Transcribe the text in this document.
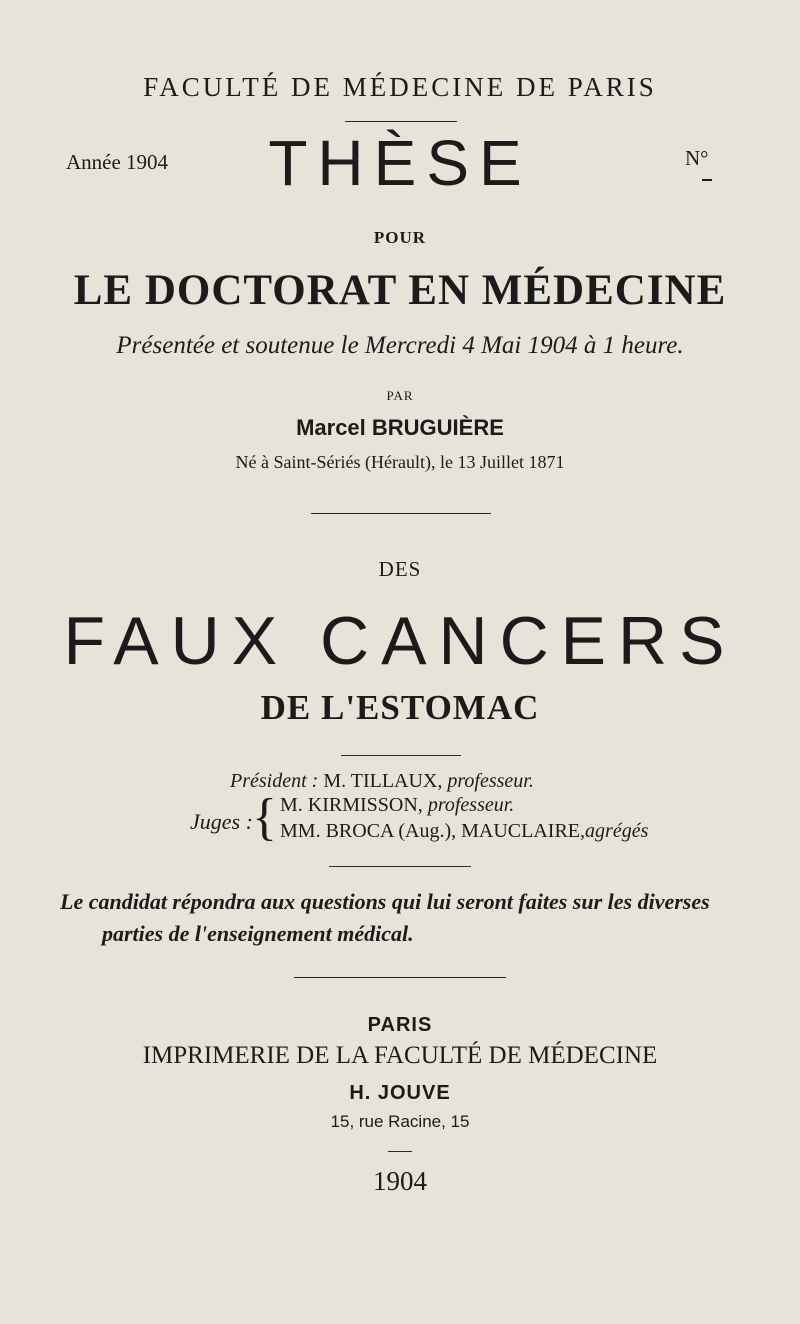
FACULTÉ DE MÉDECINE DE PARIS
Année 1904	THÈSE	N°
POUR
LE DOCTORAT EN MÉDECINE
Présentée et soutenue le Mercredi 4 Mai 1904 à 1 heure.
PAR
Marcel BRUGUIÈRE
Né à Saint-Sériés (Hérault), le 13 Juillet 1871
DES
FAUX CANCERS
DE L'ESTOMAC
Président : M. TILLAUX, professeur.
Juges : { M. KIRMISSON, professeur.
MM. BROCA (Aug.), MAUCLAIRE,agrégés
Le candidat répondra aux questions qui lui seront faites sur les diverses
parties de l'enseignement médical.
PARIS
IMPRIMERIE DE LA FACULTÉ DE MÉDECINE
H. JOUVE
15, rue Racine, 15
1904
